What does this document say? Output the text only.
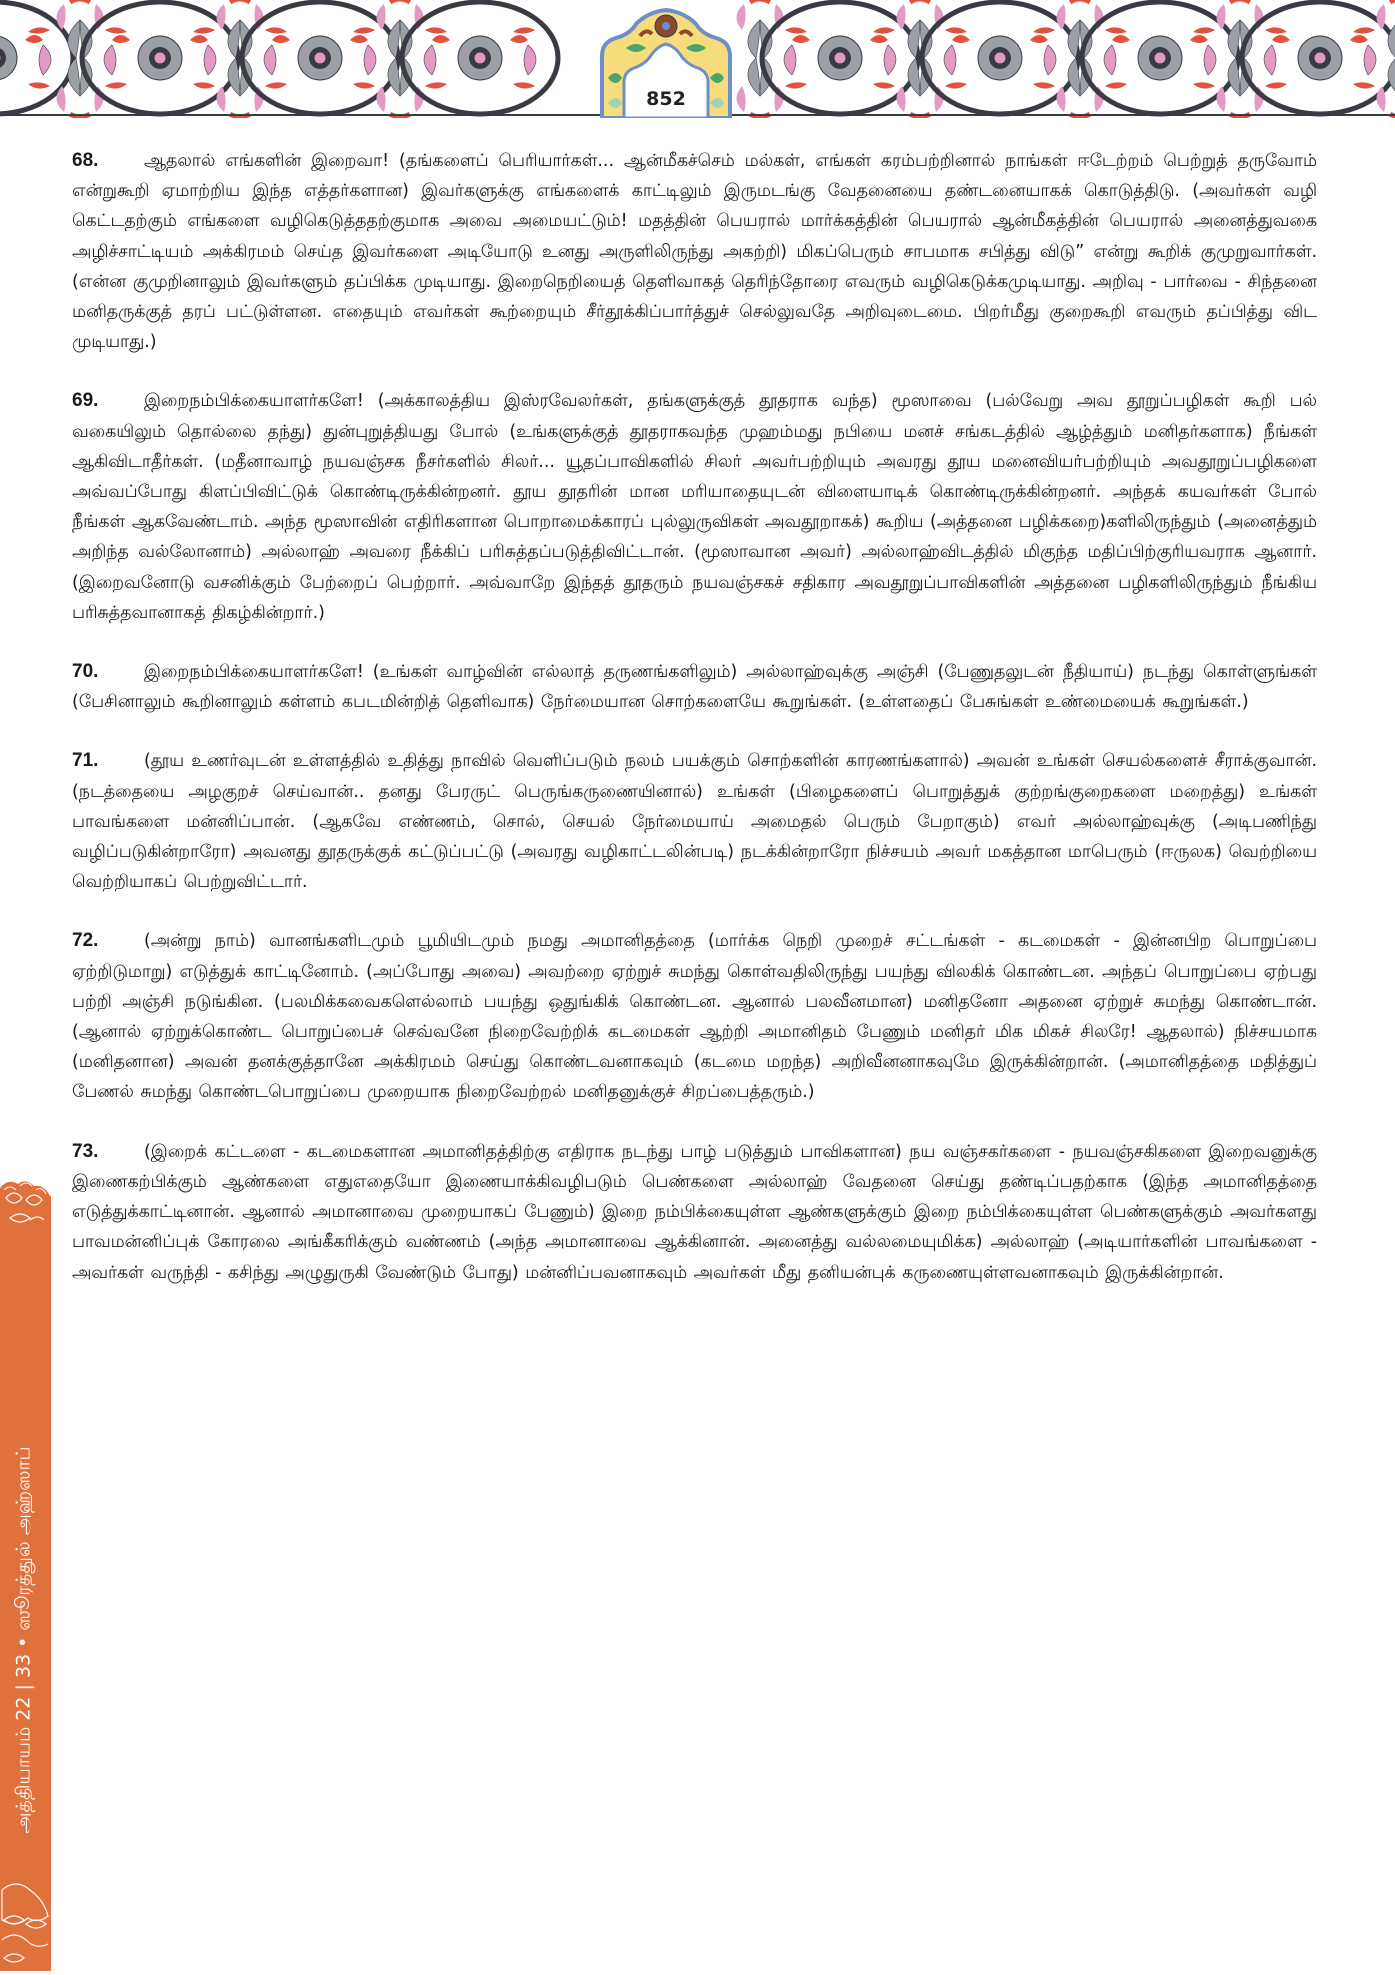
852

68.	ஆதலால் எங்களின் இறைவா! (தங்களைப் பெரியார்கள்... ஆன்மீகச்செம் மல்கள், எங்கள் கரம்பற்றினால் நாங்கள் ஈடேற்றம் பெற்றுத் தருவோம் என்றுகூறி ஏமாற்றிய இந்த எத்தர்களான) இவர்களுக்கு எங்களைக் காட்டிலும் இருமடங்கு வேதனையை தண்டனையாகக் கொடுத்திடு. (அவர்கள் வழி கெட்டதற்கும் எங்களை வழிகெடுத்ததற்குமாக அவை அமையட்டும்! மதத்தின் பெயரால் மார்க்கத்தின் பெயரால் ஆன்மீகத்தின் பெயரால் அனைத்துவகை அழிச்சாட்டியம் அக்கிரமம் செய்த இவர்களை அடியோடு உனது அருளிலிருந்து அகற்றி) மிகப்பெரும் சாபமாக சபித்து விடு” என்று கூறிக் குமுறுவார்கள். (என்ன குமுறினாலும் இவர்களும் தப்பிக்க முடியாது. இறைநெறியைத் தெளிவாகத் தெரிந்தோரை எவரும் வழிகெடுக்கமுடியாது. அறிவு - பார்வை - சிந்தனை மனிதருக்குத் தரப் பட்டுள்ளன. எதையும் எவர்கள் கூற்றையும் சீர்தூக்கிப்பார்த்துச் செல்லுவதே அறிவுடைமை. பிறர்மீது குறைகூறி எவரும் தப்பித்து விட முடியாது.)

69.	இறைநம்பிக்கையாளர்களே! (அக்காலத்திய இஸ்ரவேலர்கள், தங்களுக்குத் தூதராக வந்த) மூஸாவை (பல்வேறு அவ தூறுப்பழிகள் கூறி பல் வகையிலும் தொல்லை தந்து) துன்புறுத்தியது போல் (உங்களுக்குத் தூதராகவந்த முஹம்மது நபியை மனச் சங்கடத்தில் ஆழ்த்தும் மனிதர்களாக) நீங்கள் ஆகிவிடாதீர்கள். (மதீனாவாழ் நயவஞ்சக நீசர்களில் சிலர்... யூதப்பாவிகளில் சிலர் அவர்பற்றியும் அவரது தூய மனைவியர்பற்றியும் அவதூறுப்பழிகளை அவ்வப்போது கிளப்பிவிட்டுக் கொண்டிருக்கின்றனர். தூய தூதரின் மான மரியாதையுடன் விளையாடிக் கொண்டிருக்கின்றனர். அந்தக் கயவர்கள் போல் நீங்கள் ஆகவேண்டாம். அந்த மூஸாவின் எதிரிகளான பொறாமைக்காரப் புல்லுருவிகள் அவதூறாகக்) கூறிய (அத்தனை பழிக்கறை)களிலிருந்தும் (அனைத்தும் அறிந்த வல்லோனாம்) அல்லாஹ் அவரை நீக்கிப் பரிசுத்தப்படுத்திவிட்டான். (மூஸாவான அவர்) அல்லாஹ்விடத்தில் மிகுந்த மதிப்பிற்குரியவராக ஆனார். (இறைவனோடு வசனிக்கும் பேற்றைப் பெற்றார். அவ்வாறே இந்தத் தூதரும் நயவஞ்சகச் சதிகார அவதூறுப்பாவிகளின் அத்தனை பழிகளிலிருந்தும் நீங்கிய பரிசுத்தவானாகத் திகழ்கின்றார்.)

70.	இறைநம்பிக்கையாளர்களே! (உங்கள் வாழ்வின் எல்லாத் தருணங்களிலும்) அல்லாஹ்வுக்கு அஞ்சி (பேணுதலுடன் நீதியாய்) நடந்து கொள்ளுங்கள் (பேசினாலும் கூறினாலும் கள்ளம் கபடமின்றித் தெளிவாக) நேர்மையான சொற்களையே கூறுங்கள். (உள்ளதைப் பேசுங்கள் உண்மையைக் கூறுங்கள்.)

71.	(தூய உணர்வுடன் உள்ளத்தில் உதித்து நாவில் வெளிப்படும் நலம் பயக்கும் சொற்களின் காரணங்களால்) அவன் உங்கள் செயல்களைச் சீராக்குவான். (நடத்தையை அழகுறச் செய்வான்.. தனது பேரருட் பெருங்கருணையினால்) உங்கள் (பிழைகளைப் பொறுத்துக் குற்றங்குறைகளை மறைத்து) உங்கள் பாவங்களை மன்னிப்பான். (ஆகவே எண்ணம், சொல், செயல் நேர்மையாய் அமைதல் பெரும் பேறாகும்) எவர் அல்லாஹ்வுக்கு (அடிபணிந்து வழிப்படுகின்றாரோ) அவனது தூதருக்குக் கட்டுப்பட்டு (அவரது வழிகாட்டலின்படி) நடக்கின்றாரோ நிச்சயம் அவர் மகத்தான மாபெரும் (ஈருலக) வெற்றியை வெற்றியாகப் பெற்றுவிட்டார்.

72.	(அன்று நாம்) வானங்களிடமும் பூமியிடமும் நமது அமானிதத்தை (மார்க்க நெறி முறைச் சட்டங்கள் - கடமைகள் - இன்னபிற பொறுப்பை ஏற்றிடுமாறு) எடுத்துக் காட்டினோம். (அப்போது அவை) அவற்றை ஏற்றுச் சுமந்து கொள்வதிலிருந்து பயந்து விலகிக் கொண்டன. அந்தப் பொறுப்பை ஏற்பது பற்றி அஞ்சி நடுங்கின. (பலமிக்கவைகளெல்லாம் பயந்து ஒதுங்கிக் கொண்டன. ஆனால் பலவீனமான) மனிதனோ அதனை ஏற்றுச் சுமந்து கொண்டான். (ஆனால் ஏற்றுக்கொண்ட பொறுப்பைச் செவ்வனே நிறைவேற்றிக் கடமைகள் ஆற்றி அமானிதம் பேணும் மனிதர் மிக மிகச் சிலரே! ஆதலால்) நிச்சயமாக (மனிதனான) அவன் தனக்குத்தானே அக்கிரமம் செய்து கொண்டவனாகவும் (கடமை மறந்த) அறிவீனனாகவுமே இருக்கின்றான். (அமானிதத்தை மதித்துப் பேணல் சுமந்து கொண்டபொறுப்பை முறையாக நிறைவேற்றல் மனிதனுக்குச் சிறப்பைத்தரும்.)

73.	(இறைக் கட்டளை - கடமைகளான அமானிதத்திற்கு எதிராக நடந்து பாழ் படுத்தும் பாவிகளான) நய வஞ்சகர்களை - நயவஞ்சகிகளை இறைவனுக்கு இணைகற்பிக்கும் ஆண்களை எதுஎதையோ இணையாக்கிவழிபடும் பெண்களை அல்லாஹ் வேதனை செய்து தண்டிப்பதற்காக (இந்த அமானிதத்தை எடுத்துக்காட்டினான். ஆனால் அமானாவை முறையாகப் பேணும்) இறை நம்பிக்கையுள்ள ஆண்களுக்கும் இறை நம்பிக்கையுள்ள பெண்களுக்கும் அவர்களது பாவமன்னிப்புக் கோரலை அங்கீகரிக்கும் வண்ணம் (அந்த அமானாவை ஆக்கினான். அனைத்து வல்லமையுமிக்க) அல்லாஹ் (அடியார்களின் பாவங்களை - அவர்கள் வருந்தி - கசிந்து அழுதுருகி வேண்டும் போது) மன்னிப்பவனாகவும் அவர்கள் மீது தனியன்புக் கருணையுள்ளவனாகவும் இருக்கின்றான்.

அத்தியாயம் 22 | 33 • ஸூரத்துல் அஹ்ஸாப்
